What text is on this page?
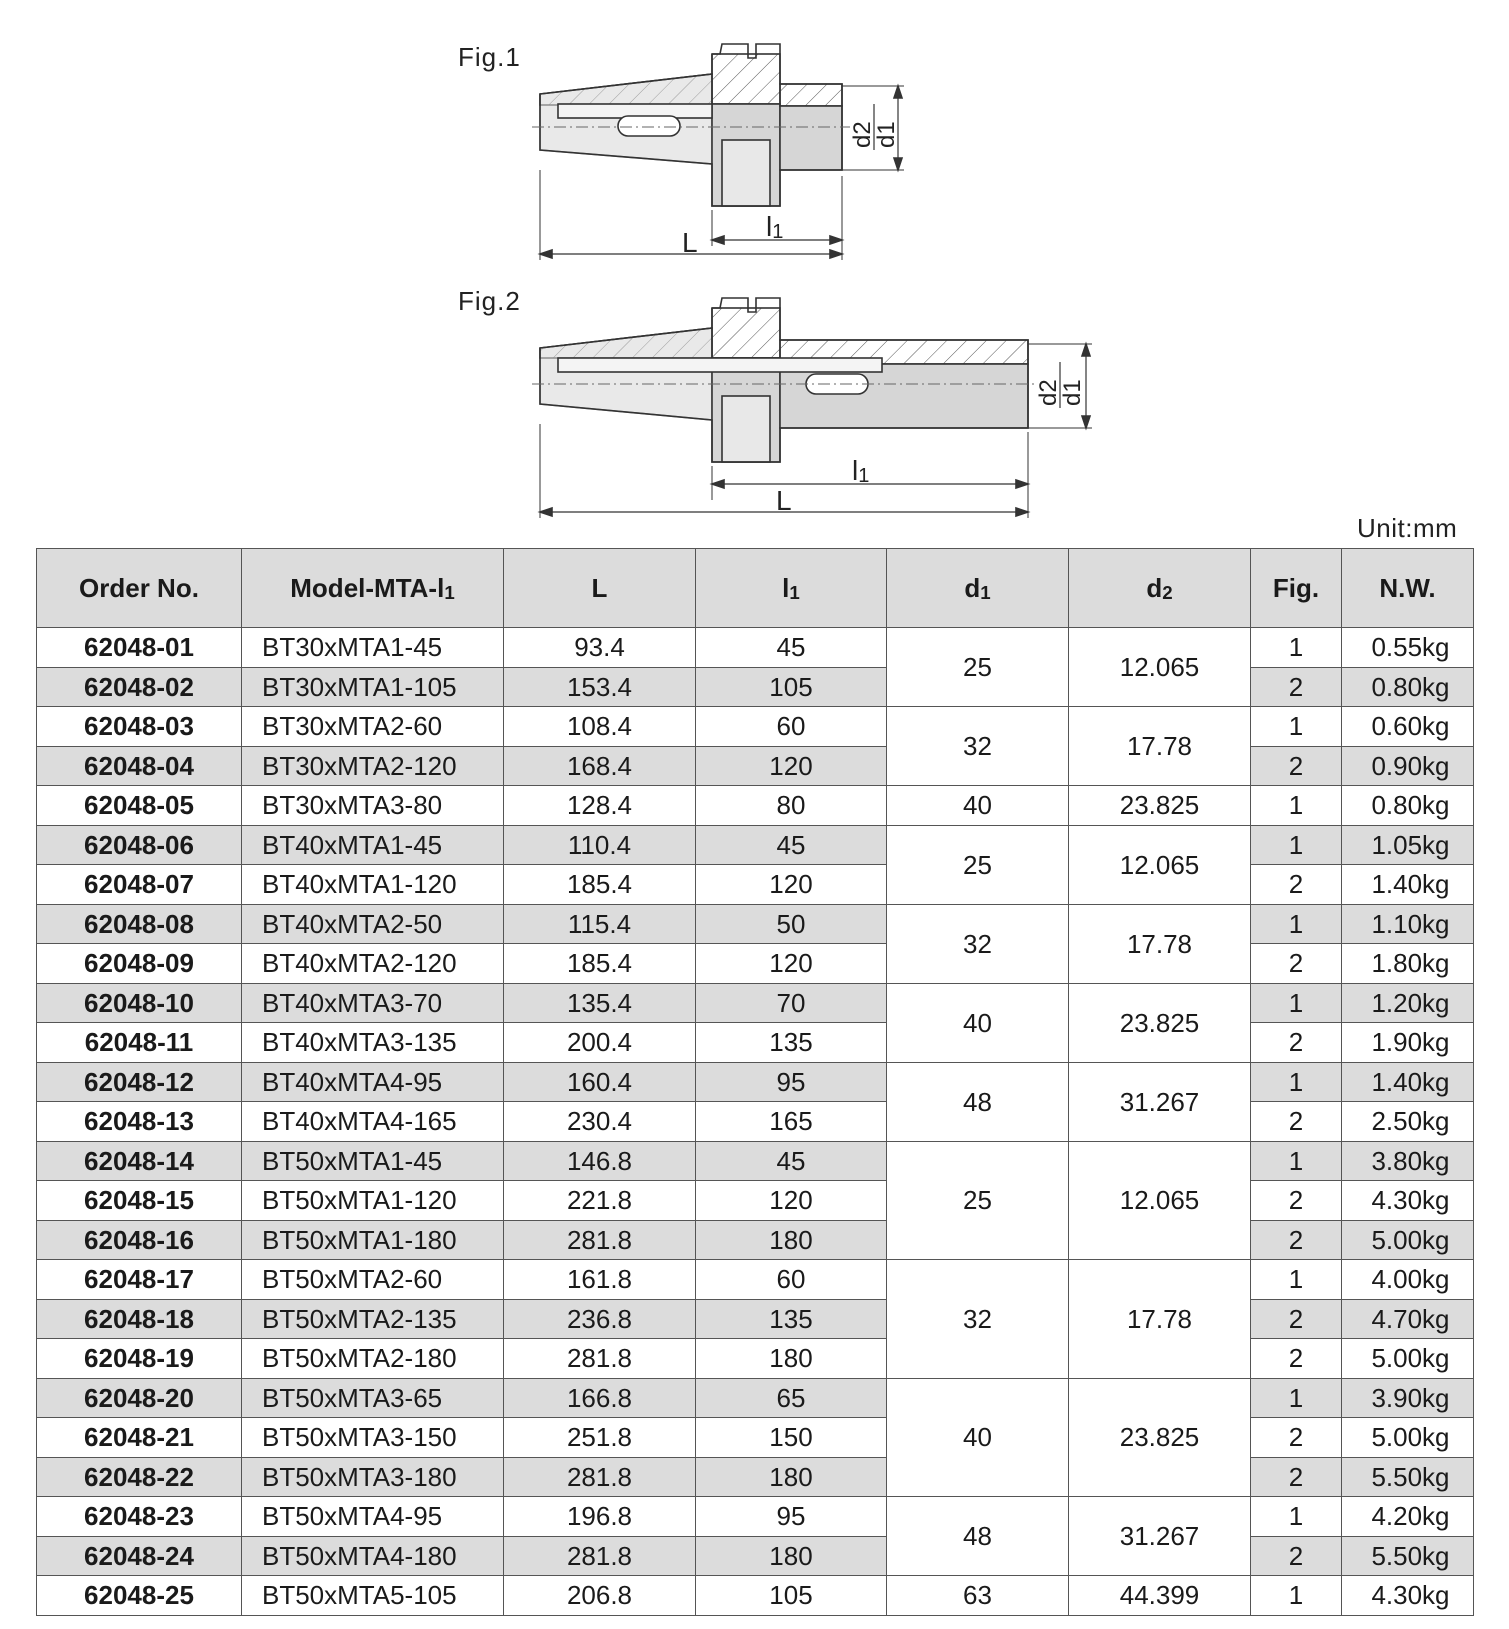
Fig.1
Fig.2
L
l1
d2
d1
L
l1
d2
d1
Unit:mm
Order No.	Model-MTA-l1	L	l1	d1	d2	Fig.	N.W.
62048-01	BT30xMTA1-45	93.4	45	25	12.065	1	0.55kg
62048-02	BT30xMTA1-105	153.4	105			2	0.80kg
62048-03	BT30xMTA2-60	108.4	60	32	17.78	1	0.60kg
62048-04	BT30xMTA2-120	168.4	120			2	0.90kg
62048-05	BT30xMTA3-80	128.4	80	40	23.825	1	0.80kg
62048-06	BT40xMTA1-45	110.4	45	25	12.065	1	1.05kg
62048-07	BT40xMTA1-120	185.4	120			2	1.40kg
62048-08	BT40xMTA2-50	115.4	50	32	17.78	1	1.10kg
62048-09	BT40xMTA2-120	185.4	120			2	1.80kg
62048-10	BT40xMTA3-70	135.4	70	40	23.825	1	1.20kg
62048-11	BT40xMTA3-135	200.4	135			2	1.90kg
62048-12	BT40xMTA4-95	160.4	95	48	31.267	1	1.40kg
62048-13	BT40xMTA4-165	230.4	165			2	2.50kg
62048-14	BT50xMTA1-45	146.8	45	25	12.065	1	3.80kg
62048-15	BT50xMTA1-120	221.8	120			2	4.30kg
62048-16	BT50xMTA1-180	281.8	180			2	5.00kg
62048-17	BT50xMTA2-60	161.8	60	32	17.78	1	4.00kg
62048-18	BT50xMTA2-135	236.8	135			2	4.70kg
62048-19	BT50xMTA2-180	281.8	180			2	5.00kg
62048-20	BT50xMTA3-65	166.8	65	40	23.825	1	3.90kg
62048-21	BT50xMTA3-150	251.8	150			2	5.00kg
62048-22	BT50xMTA3-180	281.8	180			2	5.50kg
62048-23	BT50xMTA4-95	196.8	95	48	31.267	1	4.20kg
62048-24	BT50xMTA4-180	281.8	180			2	5.50kg
62048-25	BT50xMTA5-105	206.8	105	63	44.399	1	4.30kg
